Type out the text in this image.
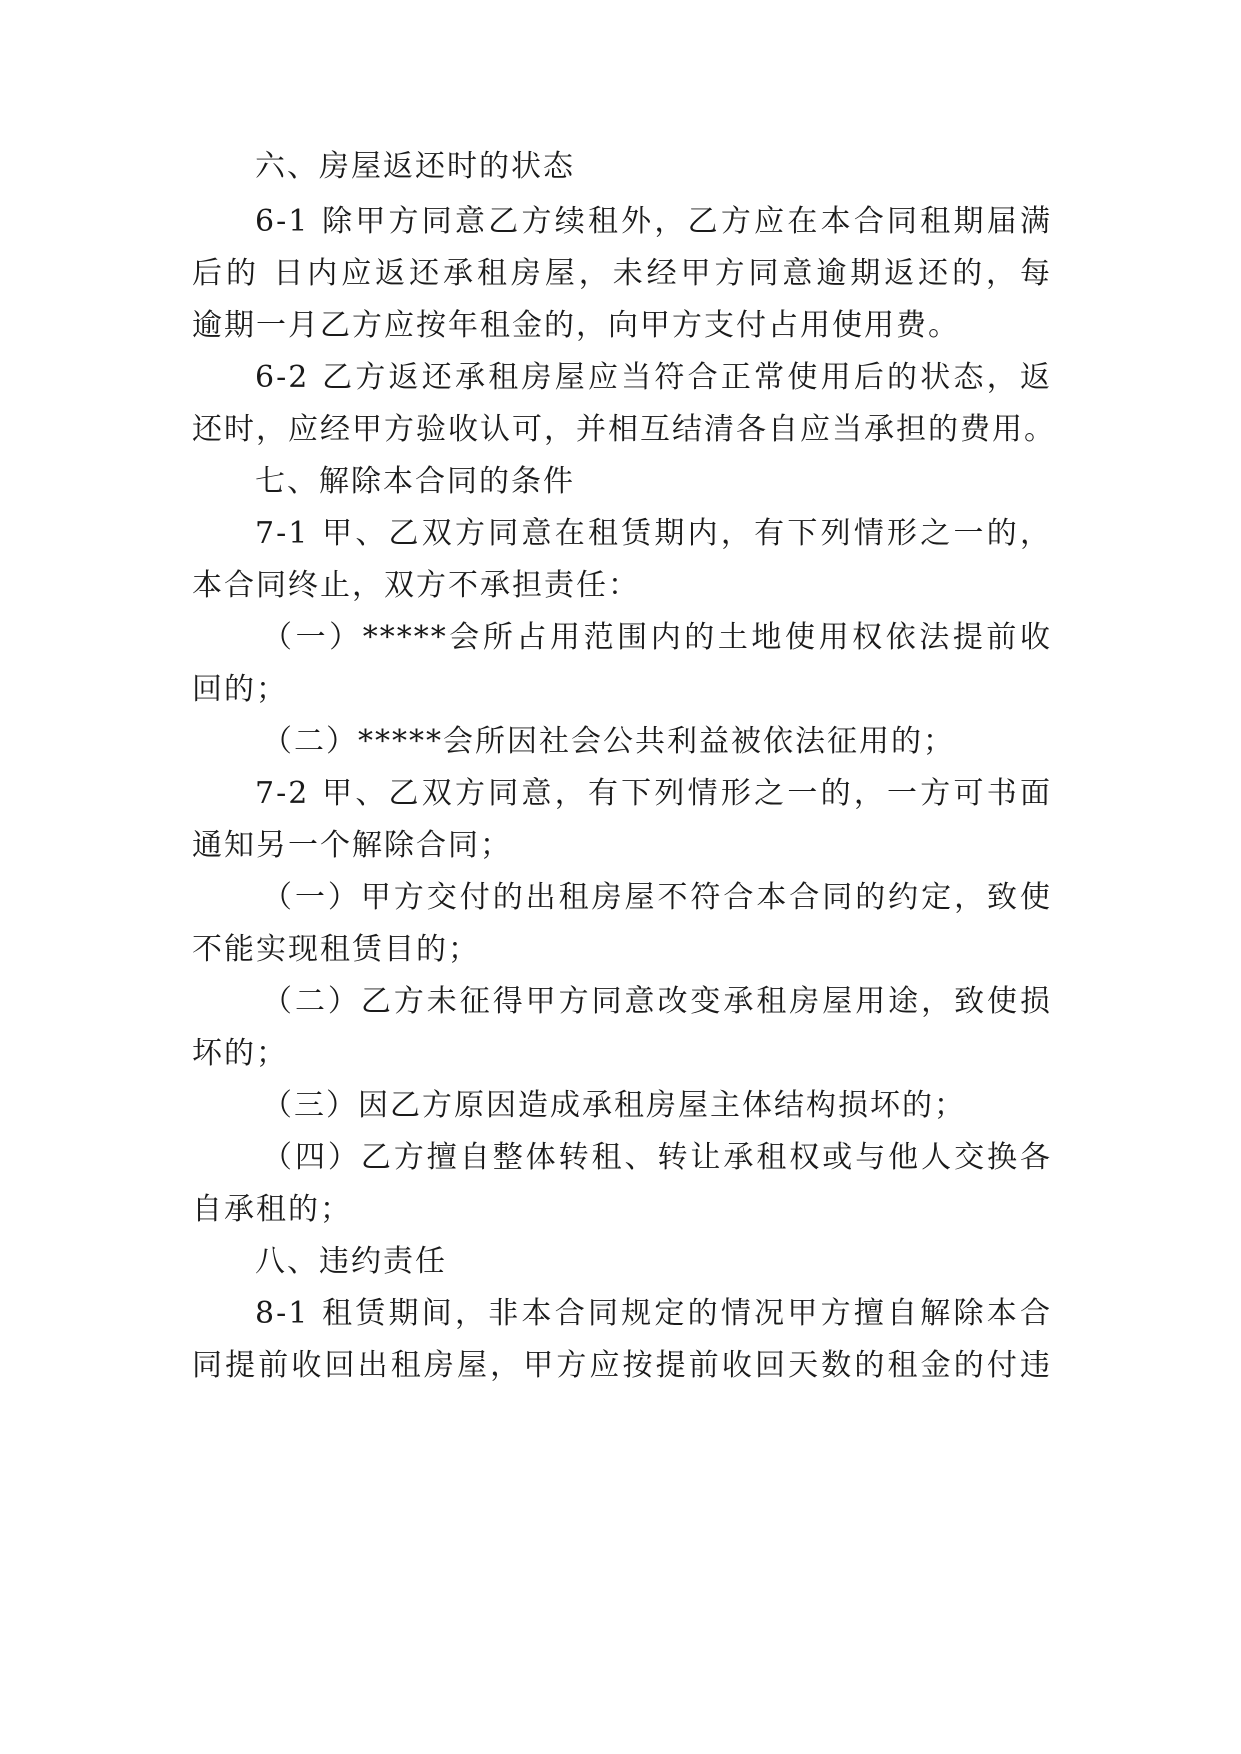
六、房屋返还时的状态
6-1 除甲方同意乙方续租外，乙方应在本合同租期届满
后的 日内应返还承租房屋，未经甲方同意逾期返还的，每
逾期一月乙方应按年租金的，向甲方支付占用使用费。
6-2 乙方返还承租房屋应当符合正常使用后的状态，返
还时，应经甲方验收认可，并相互结清各自应当承担的费用。
七、解除本合同的条件
7-1 甲、乙双方同意在租赁期内，有下列情形之一的，
本合同终止，双方不承担责任：
（一）*****会所占用范围内的土地使用权依法提前收
回的；
（二）*****会所因社会公共利益被依法征用的；
7-2 甲、乙双方同意，有下列情形之一的，一方可书面
通知另一个解除合同；
（一）甲方交付的出租房屋不符合本合同的约定，致使
不能实现租赁目的；
（二）乙方未征得甲方同意改变承租房屋用途，致使损
坏的；
（三）因乙方原因造成承租房屋主体结构损坏的；
（四）乙方擅自整体转租、转让承租权或与他人交换各
自承租的；
八、违约责任
8-1 租赁期间，非本合同规定的情况甲方擅自解除本合
同提前收回出租房屋，甲方应按提前收回天数的租金的付违
